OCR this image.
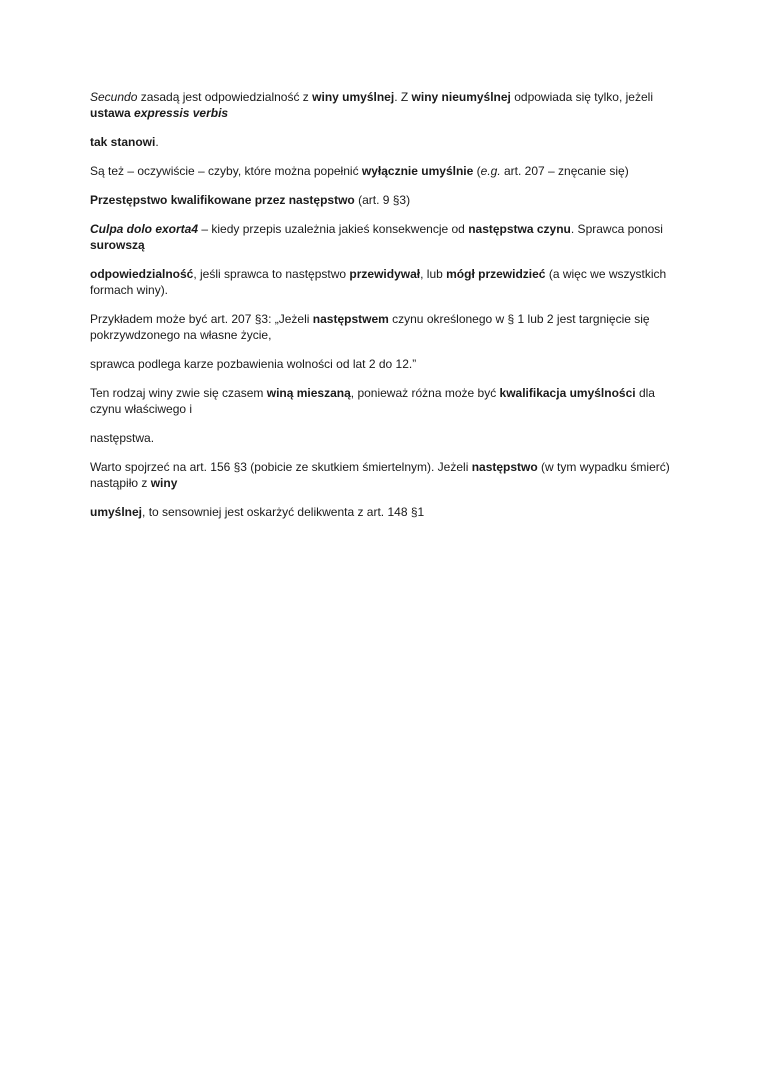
Secundo zasadą jest odpowiedzialność z winy umyślnej. Z winy nieumyślnej odpowiada się tylko, jeżeli ustawa expressis verbis

tak stanowi.

Są też – oczywiście – czyby, które można popełnić wyłącznie umyślnie (e.g. art. 207 – znęcanie się)

Przestępstwo kwalifikowane przez następstwo (art. 9 §3)

Culpa dolo exorta4 – kiedy przepis uzależnia jakieś konsekwencje od następstwa czynu. Sprawca ponosi surowszą

odpowiedzialność, jeśli sprawca to następstwo przewidywał, lub mógł przewidzieć (a więc we wszystkich formach winy).

Przykładem może być art. 207 §3: „Jeżeli następstwem czynu określonego w § 1 lub 2 jest targnięcie się pokrzywdzonego na własne życie,

sprawca podlega karze pozbawienia wolności od lat 2 do 12.”

Ten rodzaj winy zwie się czasem winą mieszaną, ponieważ różna może być kwalifikacja umyślności dla czynu właściwego i

następstwa.

Warto spojrzeć na art. 156 §3 (pobicie ze skutkiem śmiertelnym). Jeżeli następstwo (w tym wypadku śmierć) nastąpiło z winy

umyślnej, to sensowniej jest oskarżyć delikwenta z art. 148 §1
